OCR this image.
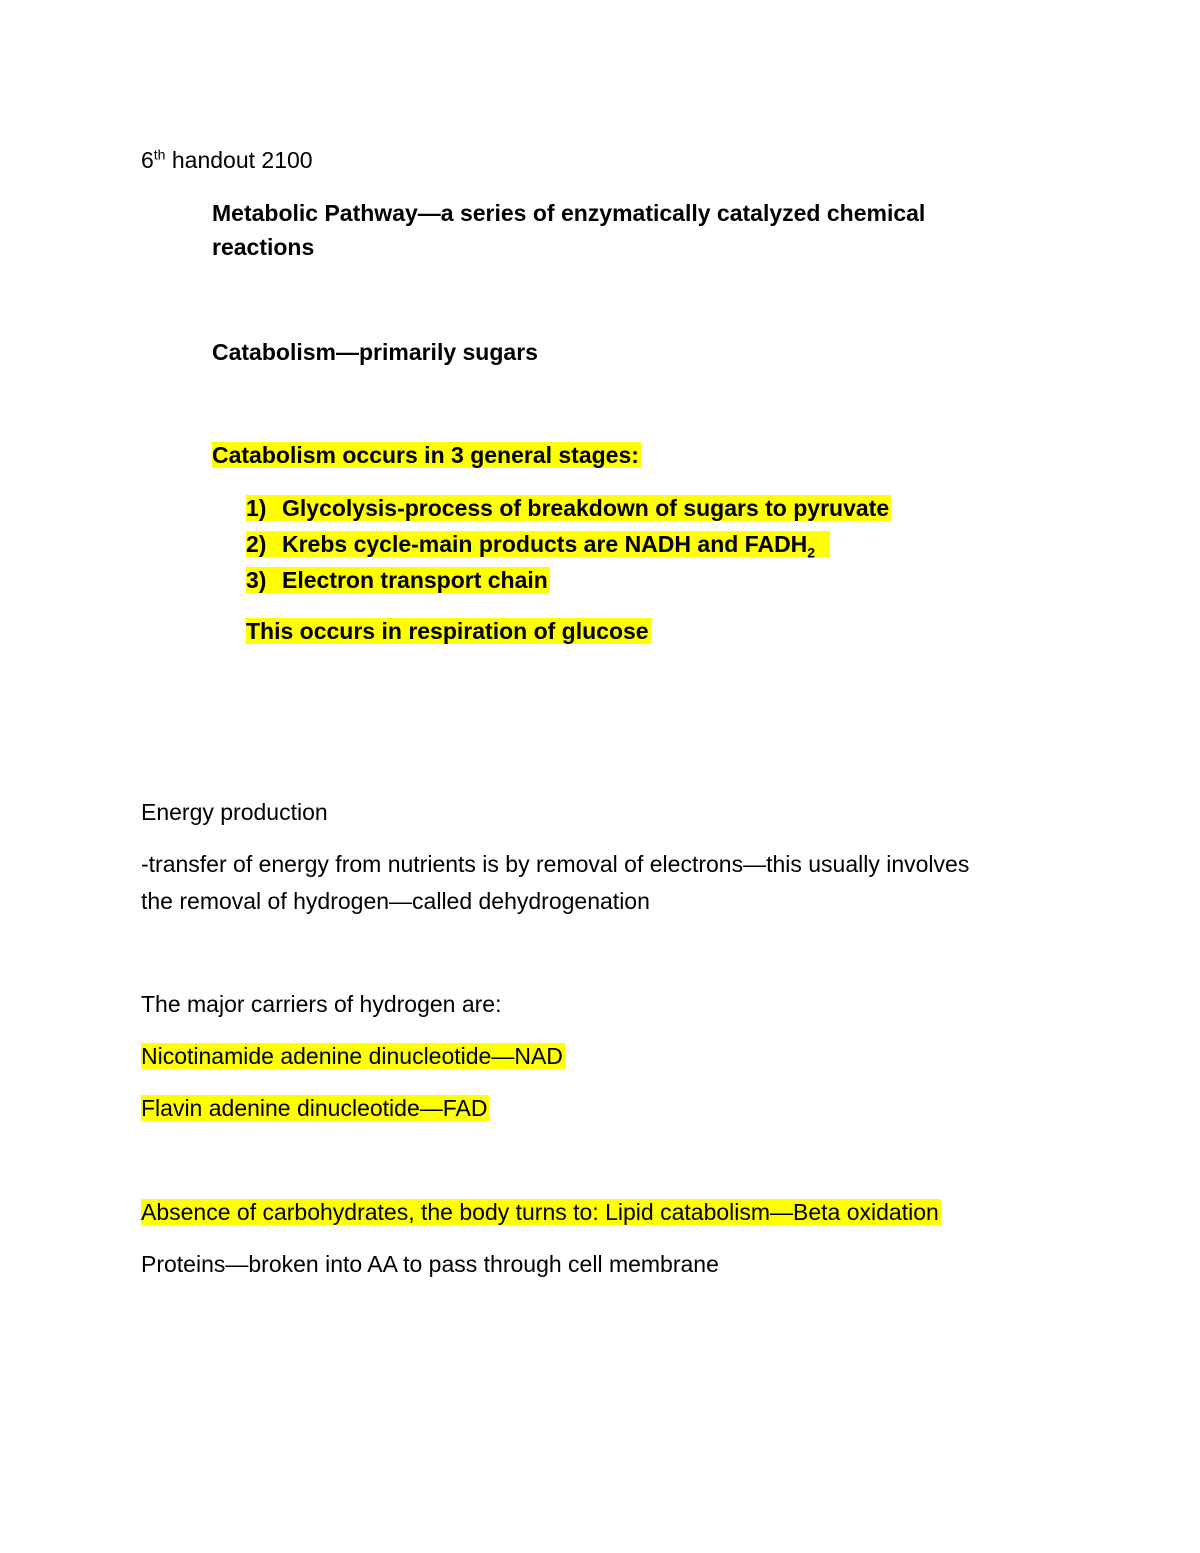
6th handout 2100
Metabolic Pathway—a series of enzymatically catalyzed chemical
reactions
Catabolism—primarily sugars
Catabolism occurs in 3 general stages:
1) Glycolysis-process of breakdown of sugars to pyruvate
2) Krebs cycle-main products are NADH and $FADH_2$
3) Electron transport chain
This occurs in respiration of glucose
Energy production
-transfer of energy from nutrients is by removal of electrons—this usually involves
the removal of hydrogen—called dehydrogenation
The major carriers of hydrogen are:
Nicotinamide adenine dinucleotide—NAD
Flavin adenine dinucleotide—FAD
Absence of carbohydrates, the body turns to: Lipid catabolism—Beta oxidation
Proteins—broken into AA to pass through cell membrane
